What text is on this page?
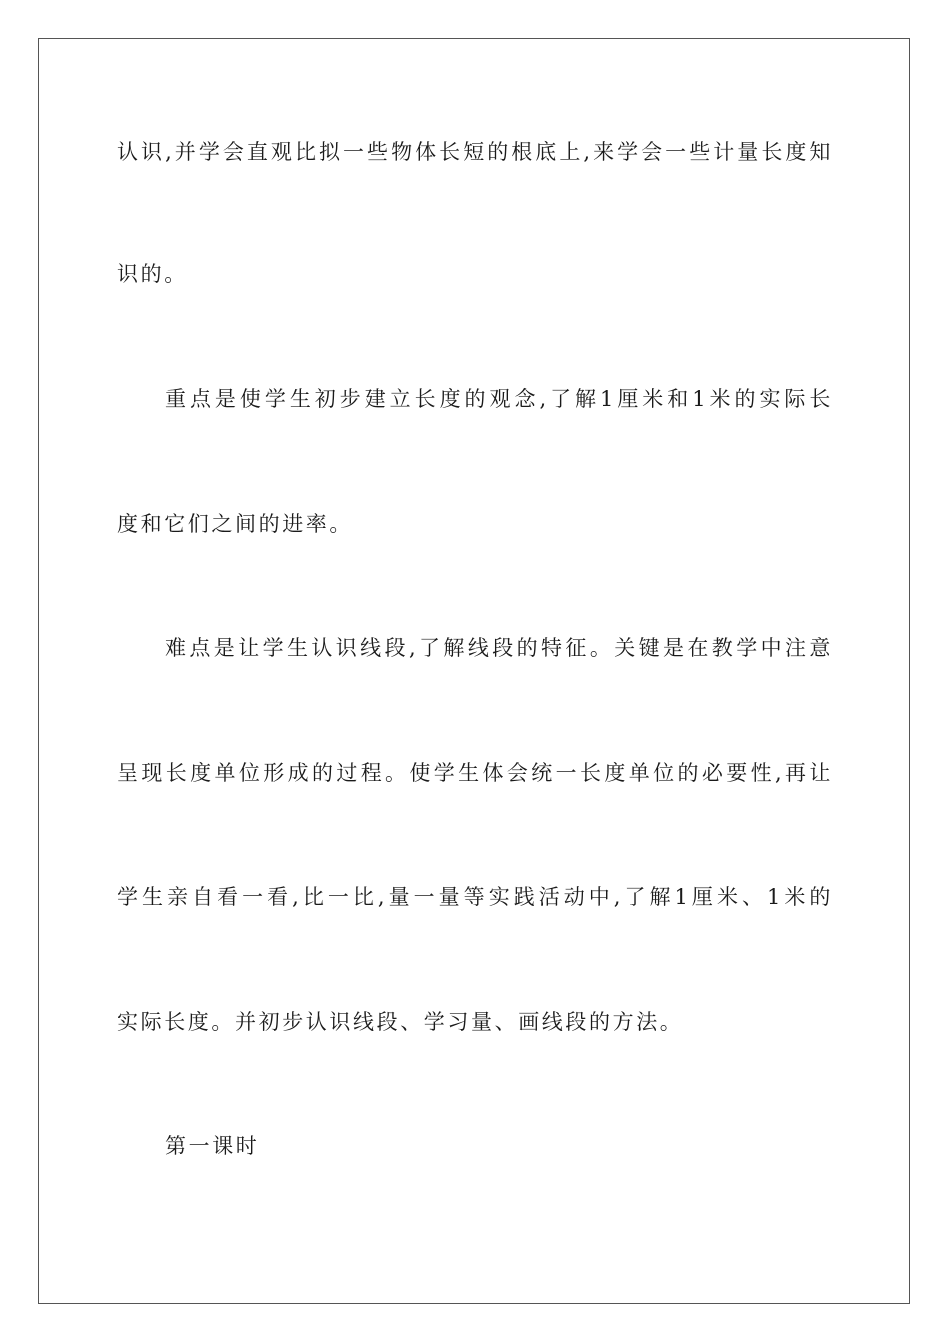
认识,并学会直观比拟一些物体长短的根底上,来学会一些计量长度知
识的。
重点是使学生初步建立长度的观念,了解1厘米和1米的实际长
度和它们之间的进率。
难点是让学生认识线段,了解线段的特征。关键是在教学中注意
呈现长度单位形成的过程。使学生体会统一长度单位的必要性,再让
学生亲自看一看,比一比,量一量等实践活动中,了解1厘米、1米的
实际长度。并初步认识线段、学习量、画线段的方法。
第一课时
